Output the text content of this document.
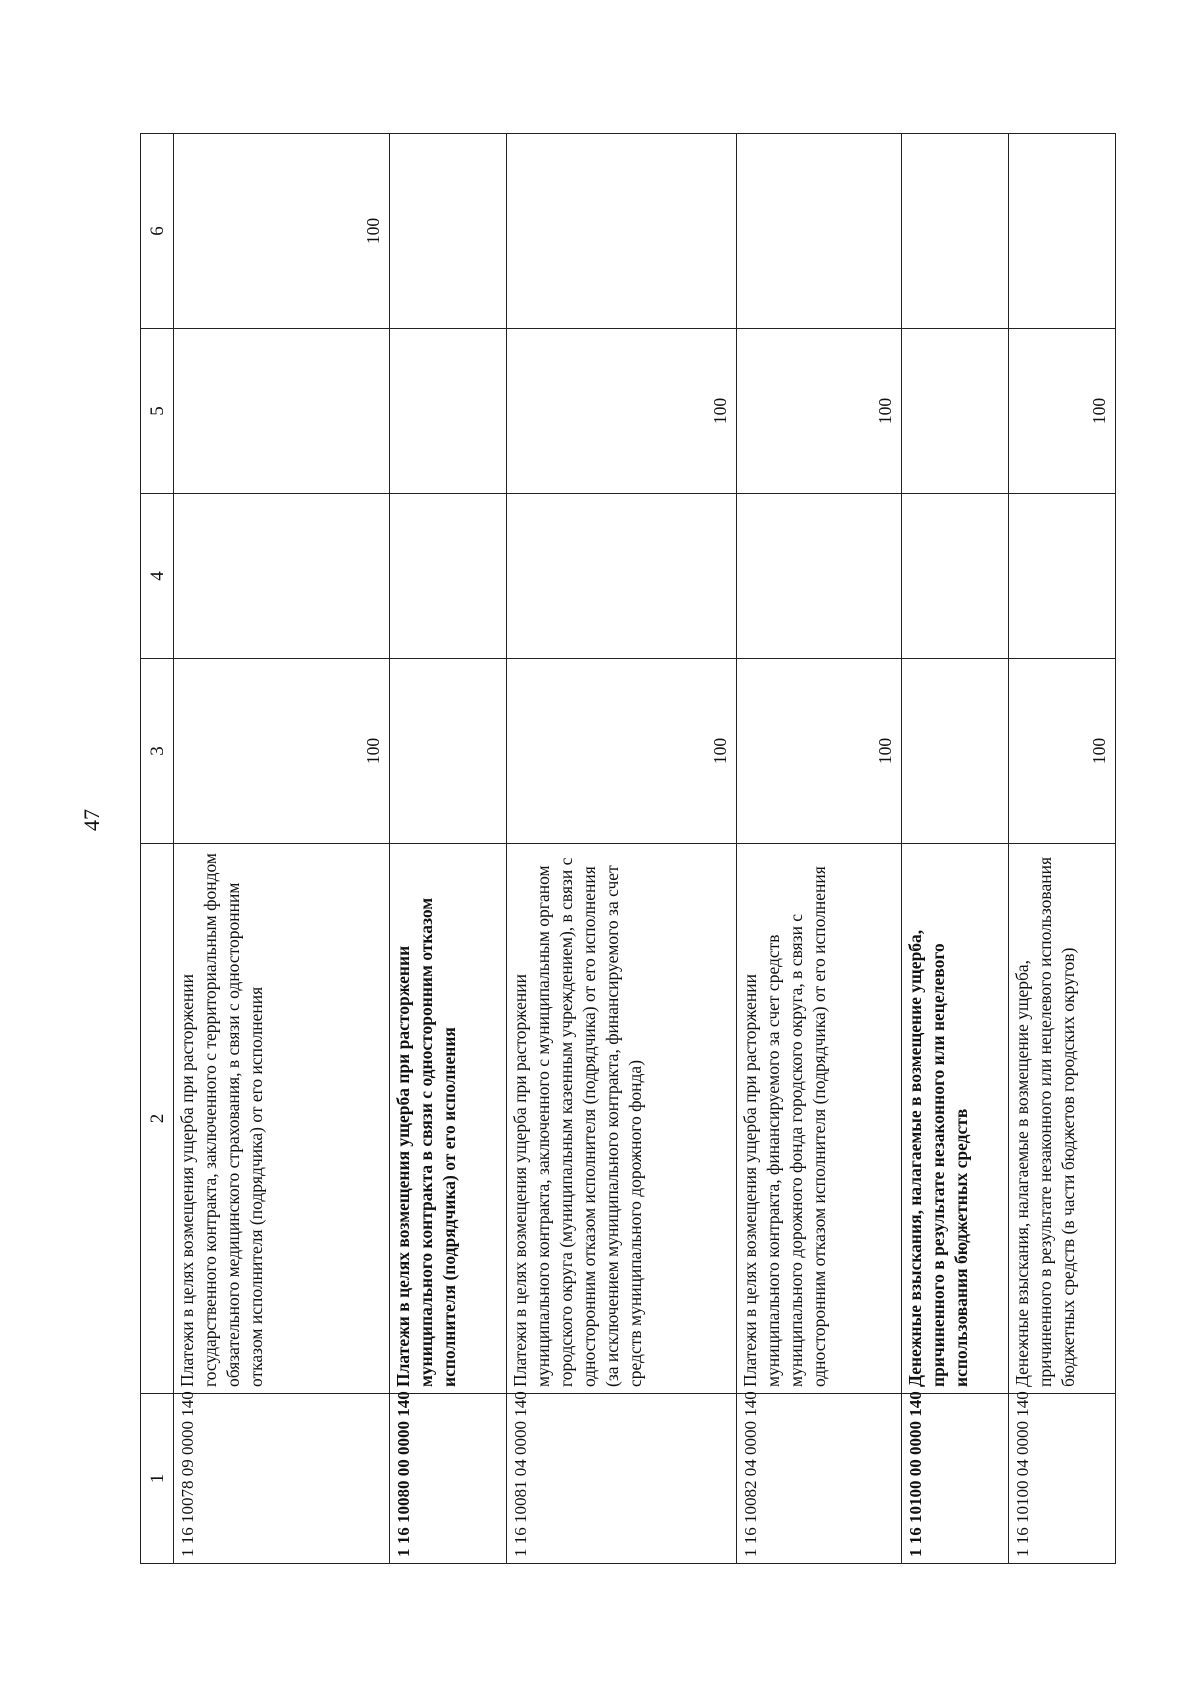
47
1	2	3	4	5	6
1 16 10078 09 0000 140	Платежи в целях возмещения ущерба при расторжении государственного контракта, заключенного с территориальным фондом обязательного медицинского страхования, в связи с односторонним отказом исполнителя (подрядчика) от его исполнения	100			100
1 16 10080 00 0000 140	Платежи в целях возмещения ущерба при расторжении муниципального контракта в связи с односторонним отказом исполнителя (подрядчика) от его исполнения				
1 16 10081 04 0000 140	Платежи в целях возмещения ущерба при расторжении муниципального контракта, заключенного с муниципальным органом городского округа (муниципальным казенным учреждением), в связи с односторонним отказом исполнителя (подрядчика) от его исполнения (за исключением муниципального контракта, финансируемого за счет средств муниципального дорожного фонда)	100		100	
1 16 10082 04 0000 140	Платежи в целях возмещения ущерба при расторжении муниципального контракта, финансируемого за счет средств муниципального дорожного фонда городского округа, в связи с односторонним отказом исполнителя (подрядчика) от его исполнения	100		100	
1 16 10100 00 0000 140	Денежные взыскания, налагаемые в возмещение ущерба, причиненного в результате незаконного или нецелевого использования бюджетных средств				
1 16 10100 04 0000 140	Денежные взыскания, налагаемые в возмещение ущерба, причиненного в результате незаконного или нецелевого использования бюджетных средств (в части бюджетов городских округов)	100		100	
